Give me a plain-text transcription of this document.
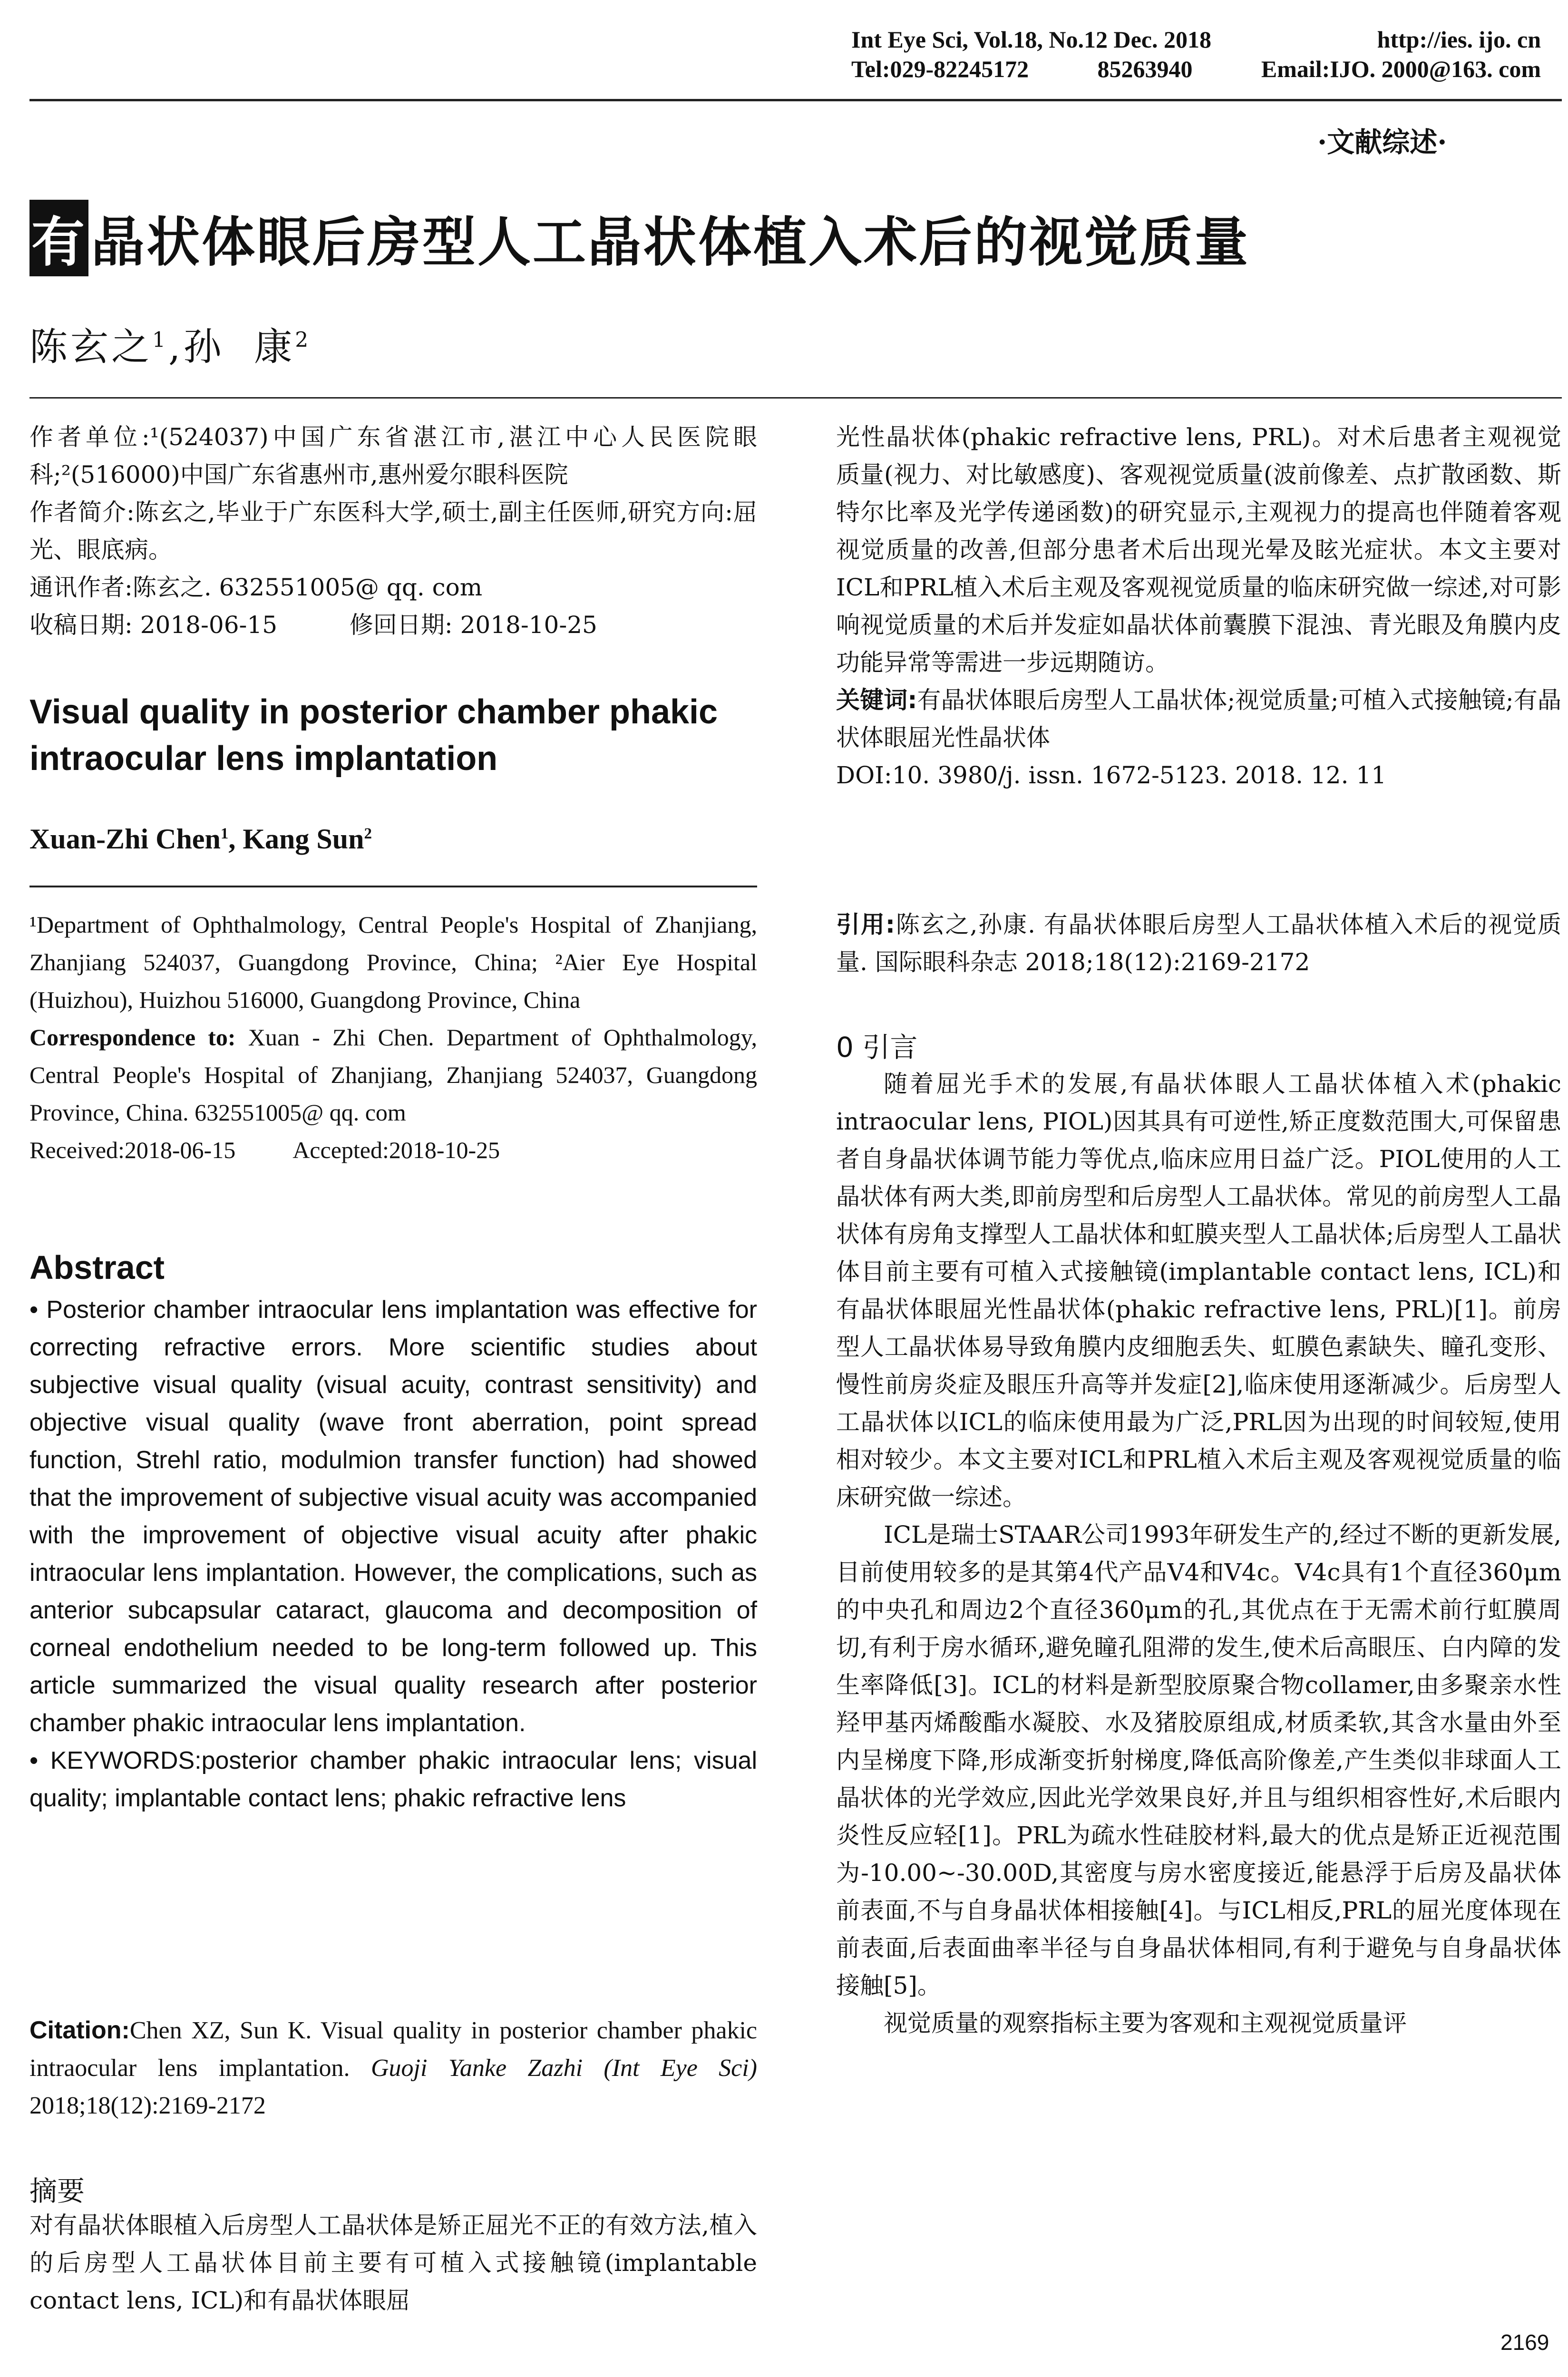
Int Eye Sci, Vol.18, No.12 Dec. 2018	http://ies. ijo. cn
Tel:029-82245172	85263940	Email:IJO. 2000@163. com
·文献综述·
有晶状体眼后房型人工晶状体植入术后的视觉质量
陈玄之$^1$,孙  康$^2$
作者单位:¹(524037)中国广东省湛江市,湛江中心人民医院眼科;²(516000)中国广东省惠州市,惠州爱尔眼科医院
作者简介:陈玄之,毕业于广东医科大学,硕士,副主任医师,研究方向:屈光、眼底病。
通讯作者:陈玄之. 632551005@ qq. com
收稿日期: 2018-06-15	修回日期: 2018-10-25
Visual quality in posterior chamber phakic intraocular lens implantation
Xuan-Zhi Chen$^1$, Kang Sun$^2$
¹Department of Ophthalmology, Central People's Hospital of Zhanjiang, Zhanjiang 524037, Guangdong Province, China; ²Aier Eye Hospital (Huizhou), Huizhou 516000, Guangdong Province, China
Correspondence to: Xuan - Zhi Chen. Department of Ophthalmology, Central People's Hospital of Zhanjiang, Zhanjiang 524037, Guangdong Province, China. 632551005@ qq. com
Received:2018-06-15 Accepted:2018-10-25
Abstract
• Posterior chamber intraocular lens implantation was effective for correcting refractive errors. More scientific studies about subjective visual quality (visual acuity, contrast sensitivity) and objective visual quality (wave front aberration, point spread function, Strehl ratio, modulmion transfer function) had showed that the improvement of subjective visual acuity was accompanied with the improvement of objective visual acuity after phakic intraocular lens implantation. However, the complications, such as anterior subcapsular cataract, glaucoma and decomposition of corneal endothelium needed to be long-term followed up. This article summarized the visual quality research after posterior chamber phakic intraocular lens implantation.
• KEYWORDS:posterior chamber phakic intraocular lens; visual quality; implantable contact lens; phakic refractive lens
Citation:Chen XZ, Sun K. Visual quality in posterior chamber phakic intraocular lens implantation. Guoji Yanke Zazhi (Int Eye Sci) 2018;18(12):2169-2172
摘要
对有晶状体眼植入后房型人工晶状体是矫正屈光不正的有效方法,植入的后房型人工晶状体目前主要有可植入式接触镜(implantable contact lens, ICL)和有晶状体眼屈
光性晶状体(phakic refractive lens, PRL)。对术后患者主观视觉质量(视力、对比敏感度)、客观视觉质量(波前像差、点扩散函数、斯特尔比率及光学传递函数)的研究显示,主观视力的提高也伴随着客观视觉质量的改善,但部分患者术后出现光晕及眩光症状。本文主要对ICL和PRL植入术后主观及客观视觉质量的临床研究做一综述,对可影响视觉质量的术后并发症如晶状体前囊膜下混浊、青光眼及角膜内皮功能异常等需进一步远期随访。
关键词:有晶状体眼后房型人工晶状体;视觉质量;可植入式接触镜;有晶状体眼屈光性晶状体
DOI:10. 3980/j. issn. 1672-5123. 2018. 12. 11
引用:陈玄之,孙康. 有晶状体眼后房型人工晶状体植入术后的视觉质量. 国际眼科杂志 2018;18(12):2169-2172
0 引言
随着屈光手术的发展,有晶状体眼人工晶状体植入术(phakic intraocular lens, PIOL)因其具有可逆性,矫正度数范围大,可保留患者自身晶状体调节能力等优点,临床应用日益广泛。PIOL使用的人工晶状体有两大类,即前房型和后房型人工晶状体。常见的前房型人工晶状体有房角支撑型人工晶状体和虹膜夹型人工晶状体;后房型人工晶状体目前主要有可植入式接触镜(implantable contact lens, ICL)和有晶状体眼屈光性晶状体(phakic refractive lens, PRL)[1]。前房型人工晶状体易导致角膜内皮细胞丢失、虹膜色素缺失、瞳孔变形、慢性前房炎症及眼压升高等并发症[2],临床使用逐渐减少。后房型人工晶状体以ICL的临床使用最为广泛,PRL因为出现的时间较短,使用相对较少。本文主要对ICL和PRL植入术后主观及客观视觉质量的临床研究做一综述。
ICL是瑞士STAAR公司1993年研发生产的,经过不断的更新发展,目前使用较多的是其第4代产品V4和V4c。V4c具有1个直径360μm的中央孔和周边2个直径360μm的孔,其优点在于无需术前行虹膜周切,有利于房水循环,避免瞳孔阻滞的发生,使术后高眼压、白内障的发生率降低[3]。ICL的材料是新型胶原聚合物collamer,由多聚亲水性羟甲基丙烯酸酯水凝胶、水及猪胶原组成,材质柔软,其含水量由外至内呈梯度下降,形成渐变折射梯度,降低高阶像差,产生类似非球面人工晶状体的光学效应,因此光学效果良好,并且与组织相容性好,术后眼内炎性反应轻[1]。PRL为疏水性硅胶材料,最大的优点是矫正近视范围为-10.00~-30.00D,其密度与房水密度接近,能悬浮于后房及晶状体前表面,不与自身晶状体相接触[4]。与ICL相反,PRL的屈光度体现在前表面,后表面曲率半径与自身晶状体相同,有利于避免与自身晶状体接触[5]。
视觉质量的观察指标主要为客观和主观视觉质量评
2169
